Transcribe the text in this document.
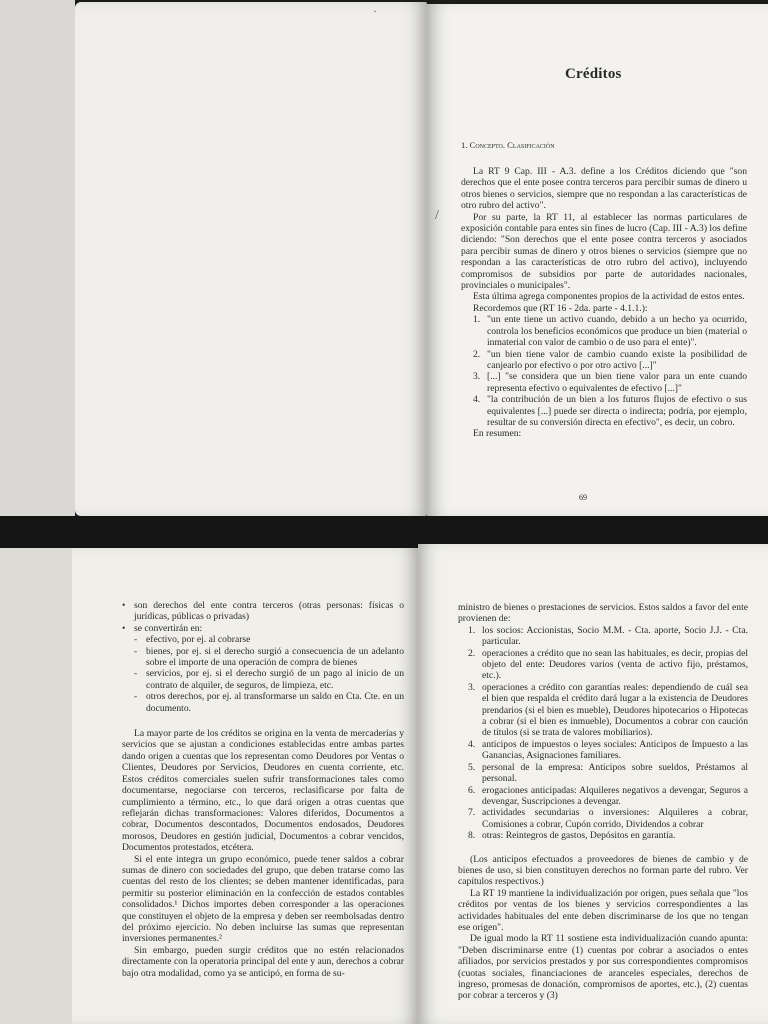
·
Créditos
1. Concepto. Clasificación

La RT 9 Cap. III - A.3. define a los Créditos diciendo que "son derechos que el ente posee contra terceros para percibir sumas de dinero u otros bienes o servicios, siempre que no respondan a las características de otro rubro del activo".

Por su parte, la RT 11, al establecer las normas particulares de exposición contable para entes sin fines de lucro (Cap. III - A.3) los define diciendo: "Son derechos que el ente posee contra terceros y asociados para percibir sumas de dinero y otros bienes o servicios (siempre que no respondan a las características de otro rubro del activo), incluyendo compromisos de subsidios por parte de autoridades nacionales, provinciales o municipales".

Esta última agrega componentes propios de la actividad de estos entes.

Recordemos que (RT 16 - 2da. parte - 4.1.1.):

1. "un ente tiene un activo cuando, debido a un hecho ya ocurrido, controla los beneficios económicos que produce un bien (material o inmaterial con valor de cambio o de uso para el ente)".
2. "un bien tiene valor de cambio cuando existe la posibilidad de canjearlo por efectivo o por otro activo [...]"
3. [...] "se considera que un bien tiene valor para un ente cuando representa efectivo o equivalentes de efectivo [...]"
4. "la contribución de un bien a los futuros flujos de efectivo o sus equivalentes [...] puede ser directa o indirecta; podría, por ejemplo, resultar de su conversión directa en efectivo", es decir, un cobro.

En resumen:

69
/
• son derechos del ente contra terceros (otras personas: físicas o jurídicas, públicas o privadas)
• se convertirán en:
- efectivo, por ej. al cobrarse
- bienes, por ej. si el derecho surgió a consecuencia de un adelanto sobre el importe de una operación de compra de bienes
- servicios, por ej. si el derecho surgió de un pago al inicio de un contrato de alquiler, de seguros, de limpieza, etc.
- otros derechos, por ej. al transformarse un saldo en Cta. Cte. en un documento.

La mayor parte de los créditos se origina en la venta de mercaderías y servicios que se ajustan a condiciones establecidas entre ambas partes dando origen a cuentas que los representan como Deudores por Ventas o Clientes, Deudores por Servicios, Deudores en cuenta corriente, etc. Estos créditos comerciales suelen sufrir transformaciones tales como documentarse, negociarse con terceros, reclasificarse por falta de cumplimiento a término, etc., lo que dará origen a otras cuentas que reflejarán dichas transformaciones: Valores diferidos, Documentos a cobrar, Documentos descontados, Documentos endosados, Deudores morosos, Deudores en gestión judicial, Documentos a cobrar vencidos, Documentos protestados, etcétera.

Si el ente integra un grupo económico, puede tener saldos a cobrar sumas de dinero con sociedades del grupo, que deben tratarse como las cuentas del resto de los clientes; se deben mantener identificadas, para permitir su posterior eliminación en la confección de estados contables consolidados.¹ Dichos importes deben corresponder a las operaciones que constituyen el objeto de la empresa y deben ser reembolsadas dentro del próximo ejercicio. No deben incluirse las sumas que representan inversiones permanentes.²

Sin embargo, pueden surgir créditos que no estén relacionados directamente con la operatoria principal del ente y aun, derechos a cobrar bajo otra modalidad, como ya se anticipó, en forma de su-

ministro de bienes o prestaciones de servicios. Estos saldos a favor del ente provienen de:

1. los socios: Accionistas, Socio M.M. - Cta. aporte, Socio J.J. - Cta. particular.
2. operaciones a crédito que no sean las habituales, es decir, propias del objeto del ente: Deudores varios (venta de activo fijo, préstamos, etc.).
3. operaciones a crédito con garantías reales: dependiendo de cuál sea el bien que respalda el crédito dará lugar a la existencia de Deudores prendarios (si el bien es mueble), Deudores hipotecarios o Hipotecas a cobrar (si el bien es inmueble), Documentos a cobrar con caución de títulos (si se trata de valores mobiliarios).
4. anticipos de impuestos o leyes sociales: Anticipos de Impuesto a las Ganancias, Asignaciones familiares.
5. personal de la empresa: Anticipos sobre sueldos, Préstamos al personal.
6. erogaciones anticipadas: Alquileres negativos a devengar, Seguros a devengar, Suscripciones a devengar.
7. actividades secundarias o inversiones: Alquileres a cobrar, Comisiones a cobrar, Cupón corrido, Dividendos a cobrar
8. otras: Reintegros de gastos, Depósitos en garantía.

(Los anticipos efectuados a proveedores de bienes de cambio y de bienes de uso, si bien constituyen derechos no forman parte del rubro. Ver capítulos respectivos.)

La RT 19 mantiene la individualización por origen, pues señala que "los créditos por ventas de los bienes y servicios correspondientes a las actividades habituales del ente deben discriminarse de los que no tengan ese origen".

De igual modo la RT 11 sostiene esta individualización cuando apunta: "Deben discriminarse entre (1) cuentas por cobrar a asociados o entes afiliados, por servicios prestados y por sus correspondientes compromisos (cuotas sociales, financiaciones de aranceles especiales, derechos de ingreso, promesas de donación, compromisos de aportes, etc.), (2) cuentas por cobrar a terceros y (3)
